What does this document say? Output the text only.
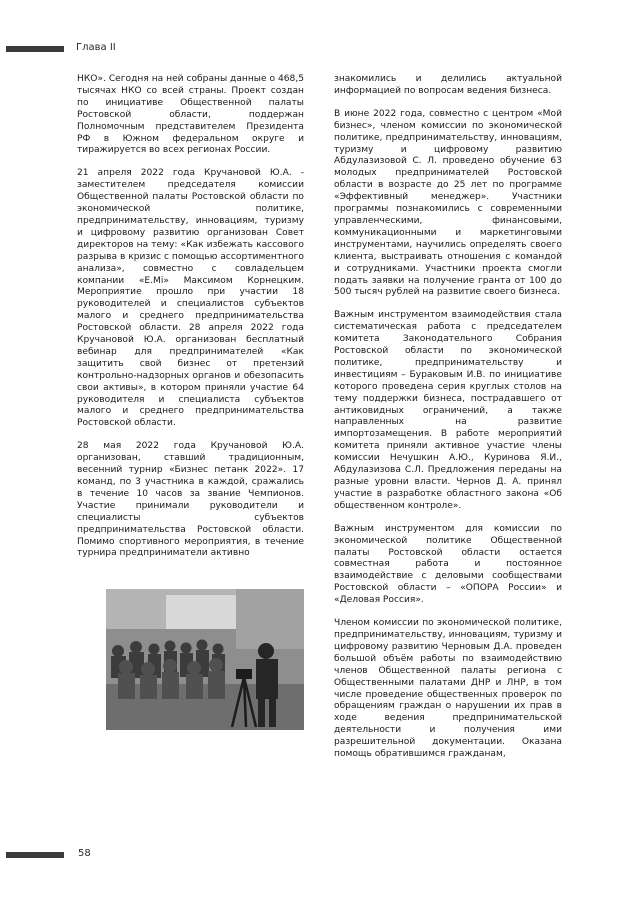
Глава II

НКО». Сегодня на ней собраны данные о 468,5 тысячах НКО со всей страны. Проект создан по инициативе Общественной палаты Ростовской области, поддержан Полномочным представителем Президента РФ в Южном федеральном округе и тиражируется во всех регионах России.

21 апреля 2022 года Кручановой Ю.А. - заместителем председателя комиссии Общественной палаты Ростовской области по экономической политике, предпринимательству, инновациям, туризму и цифровому развитию организован Совет директоров на тему: «Как избежать кассового разрыва в кризис с помощью ассортиментного анализа», совместно с совладельцем компании «E.Mi» Максимом Корнецким. Мероприятие прошло при участии 18 руководителей и специалистов субъектов малого и среднего предпринимательства Ростовской области. 28 апреля 2022 года Кручановой Ю.А. организован бесплатный вебинар для предпринимателей «Как защитить свой бизнес от претензий контрольно-надзорных органов и обезопасить свои активы», в котором приняли участие 64 руководителя и специалиста субъектов малого и среднего предпринимательства Ростовской области.

28 мая 2022 года Кручановой Ю.А. организован, ставший традиционным, весенний турнир «Бизнес петанк 2022». 17 команд, по 3 участника в каждой, сражались в течение 10 часов за звание Чемпионов. Участие принимали руководители и специалисты субъектов предпринимательства Ростовской области. Помимо спортивного мероприятия, в течение турнира предприниматели активно

знакомились и делились актуальной информацией по вопросам ведения бизнеса.

В июне 2022 года, совместно с центром «Мой бизнес», членом комиссии по экономической политике, предпринимательству, инновациям, туризму и цифровому развитию Абдулазизовой С. Л. проведено обучение 63 молодых предпринимателей Ростовской области в возрасте до 25 лет по программе «Эффективный менеджер». Участники программы познакомились с современными управленческими, финансовыми, коммуникационными и маркетинговыми инструментами, научились определять своего клиента, выстраивать отношения с командой и сотрудниками. Участники проекта смогли подать заявки на получение гранта от 100 до 500 тысяч рублей на развитие своего бизнеса.

Важным инструментом взаимодействия стала систематическая работа с председателем комитета Законодательного Собрания Ростовской области по экономической политике, предпринимательству и инвестициям – Бураковым И.В. по инициативе которого проведена серия круглых столов на тему поддержки бизнеса, пострадавшего от антиковидных ограничений, а также направленных на развитие импортозамещения. В работе мероприятий комитета приняли активное участие члены комиссии Нечушкин А.Ю., Куринова Я.И., Абдулазизова С.Л. Предложения переданы на разные уровни власти. Чернов Д. А. принял участие в разработке областного закона «Об общественном контроле».

Важным инструментом для комиссии по экономической политике Общественной палаты Ростовской области остается совместная работа и постоянное взаимодействие с деловыми сообществами Ростовской области – «ОПОРА России» и «Деловая Россия».

Членом комиссии по экономической политике, предпринимательству, инновациям, туризму и цифровому развитию Черновым Д.А. проведен большой объём работы по взаимодействию членов Общественной палаты региона с Общественными палатами ДНР и ЛНР, в том числе проведение общественных проверок по обращениям граждан о нарушении их прав в ходе ведения предпринимательской деятельности и получения ими разрешительной документации. Оказана помощь обратившимся гражданам,

58
